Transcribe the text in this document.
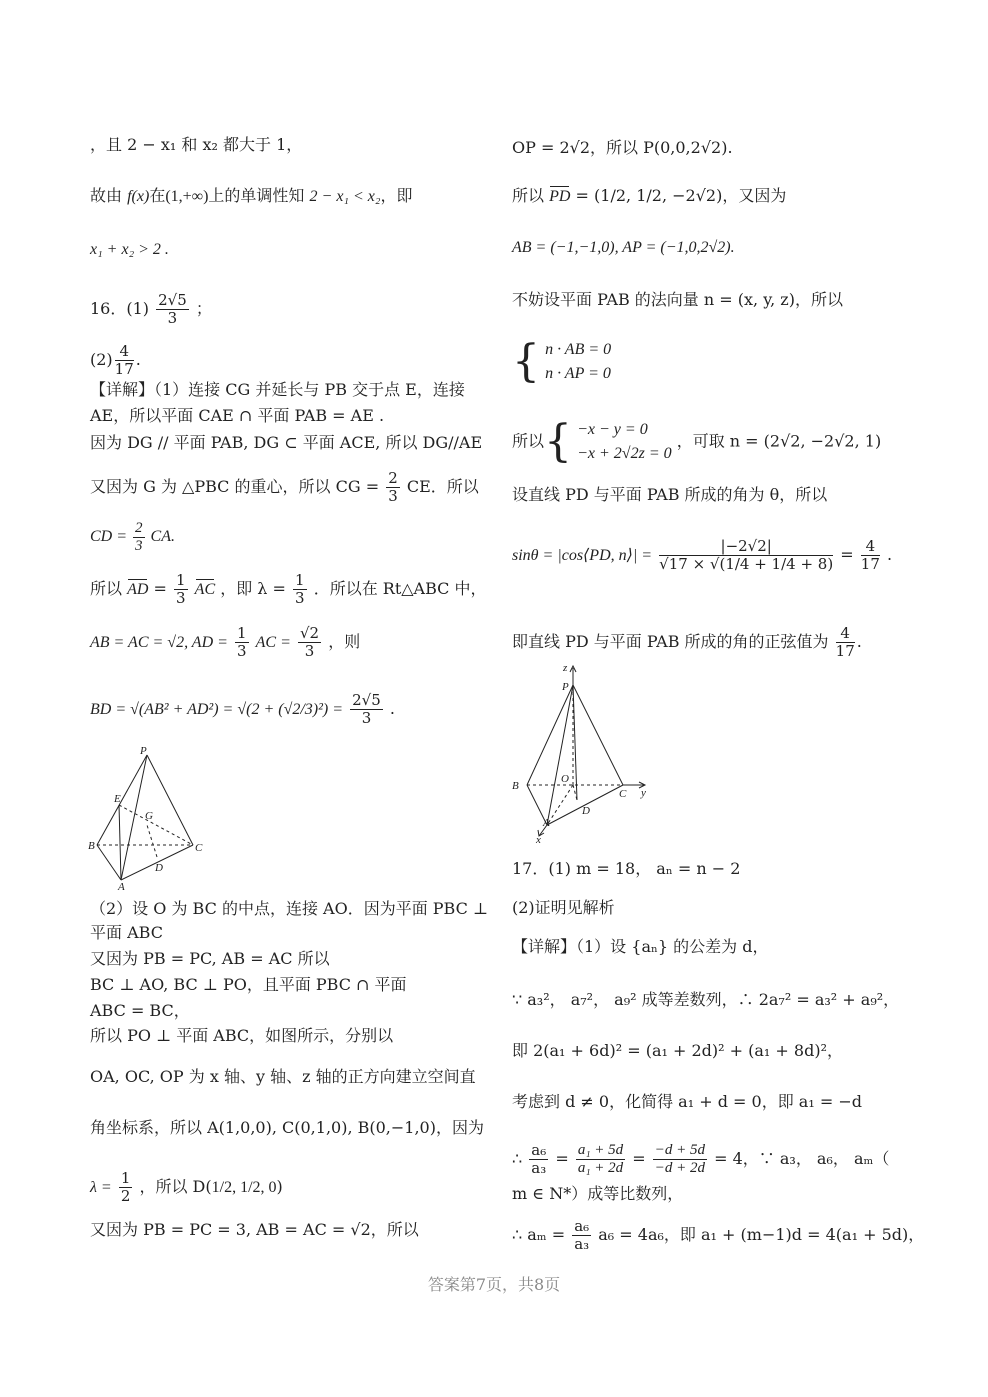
，且 2 − x₁ 和 x₂ 都大于 1，
故由 f(x)在(1,+∞)上的单调性知 2 − x₁ < x₂，即
x₁ + x₂ > 2 .
16．$(1) \frac{2√5}{3}$ ；
$(2) \frac{4}{17}$ .
【详解】（1）连接 CG 并延长与 PB 交于点 E，连接
AE，所以平面 CAE ∩ 平面 PAB = AE .
因为 DG // 平面 PAB, DG ⊂ 平面 ACE, 所以 DG//AE
又因为 G 为 △PBC 的重心，所以 CG = $\frac{2}{3}$ CE．所以
CD = $\frac{2}{3}$ CA.
所以 AD = $\frac{1}{3}$ AC ，即 $\lambda = \frac{1}{3}$ ．所以在 Rt△ABC 中，
AB = AC = √2, AD = $\frac{1}{3}$ AC = $\frac{√2}{3}$ ，则
BD = $√(AB^2 + AD^2) = √(2 + (√2/3)^2) = \frac{2√5}{3}$ .
P
E
G
B	C
D
A
（2）设 O 为 BC 的中点，连接 AO．因为平面 PBC ⊥
平面 ABC
又因为 PB = PC, AB = AC 所以
BC ⊥ AO, BC ⊥ PO，且平面 PBC ∩ 平面
ABC = BC，
所以 PO ⊥ 平面 ABC，如图所示，分别以
OA, OC, OP 为 x 轴、y 轴、z 轴的正方向建立空间直
角坐标系，所以 A(1,0,0), C(0,1,0), B(0,−1,0)，因为
$\lambda = \frac{1}{2}$ ，所以 D(1/2, 1/2, 0)
又因为 PB = PC = 3, AB = AC = √2，所以
OP = 2√2，所以 P(0,0,2√2).
所以 PD = (1/2, 1/2, −2√2)，又因为
AB = (−1,−1,0), AP = (−1,0,2√2).
不妨设平面 PAB 的法向量 n = (x, y, z)，所以
{ n · AB = 0
n · AP = 0
所以{ −x − y = 0
−x + 2√2z = 0
，可取 n = (2√2, −2√2, 1)
设直线 PD 与平面 PAB 所成的角为 θ，所以
sinθ = |cos⟨PD, n⟩| = $\frac{|-2√2|}{√17 \times √(1/4 + 1/4 + 8)} = \frac{4}{17}$ .
即直线 PD 与平面 PAB 所成的角的正弦值为 $\frac{4}{17}$ .
z
P
O
B
C y
D
A
x
17．(1) m = 18， aₙ = n − 2
(2)证明见解析
【详解】（1）设 {aₙ} 的公差为 d，
∵ a₃²， a₇²， a₉² 成等差数列，∴ 2a₇² = a₃² + a₉²，
即 2(a₁ + 6d)² = (a₁ + 2d)² + (a₁ + 8d)²，
考虑到 d ≠ 0，化简得 a₁ + d = 0，即 a₁ = −d
∴ $\frac{\text{a₆}}{\text{a₃}} = \frac{\text{a₁ + 5d}}{\text{a₁ + 2d}} = \frac{-d + 5d}{-d + 2d} = 4$，∵ a₃， a₆， aₘ（
m ∈ N*）成等比数列，
∴ $a_m = \frac{\text{a₆}}{\text{a₃}} a_6 = 4a_6$，即 a₁ + (m−1)d = 4(a₁ + 5d)，
答案第7页，共8页
